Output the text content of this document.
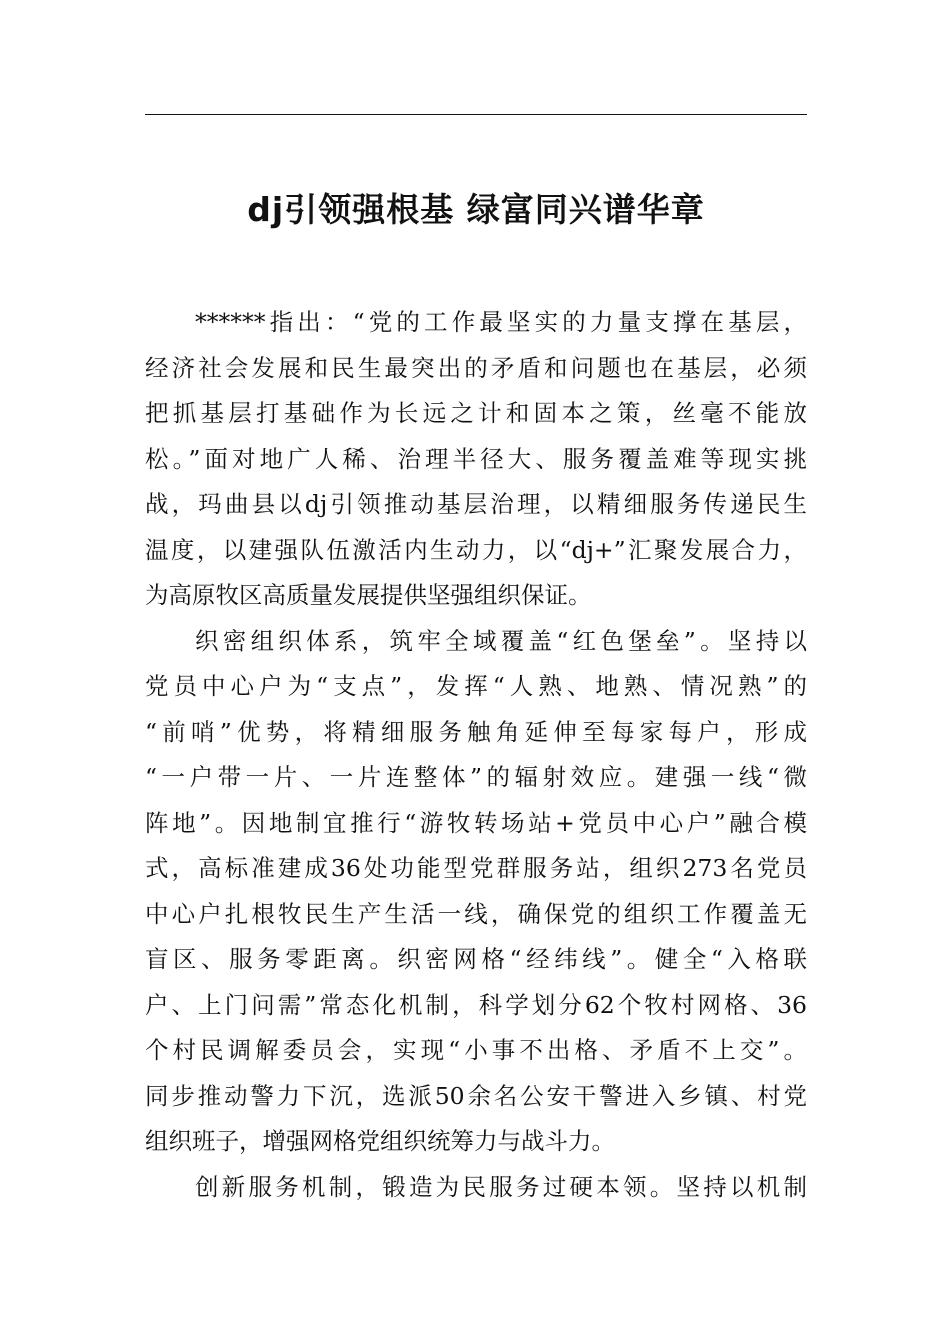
dj引领强根基 绿富同兴谱华章
******指出：“党的工作最坚实的力量支撑在基层，
经济社会发展和民生最突出的矛盾和问题也在基层，必须
把抓基层打基础作为长远之计和固本之策，丝毫不能放
松。”面对地广人稀、治理半径大、服务覆盖难等现实挑
战，玛曲县以dj引领推动基层治理，以精细服务传递民生
温度，以建强队伍激活内生动力，以“dj+”汇聚发展合力，
为高原牧区高质量发展提供坚强组织保证。
织密组织体系，筑牢全域覆盖“红色堡垒”。坚持以
党员中心户为“支点”，发挥“人熟、地熟、情况熟”的
“前哨”优势，将精细服务触角延伸至每家每户，形成
“一户带一片、一片连整体”的辐射效应。建强一线“微
阵地”。因地制宜推行“游牧转场站+党员中心户”融合模
式，高标准建成36处功能型党群服务站，组织273名党员
中心户扎根牧民生产生活一线，确保党的组织工作覆盖无
盲区、服务零距离。织密网格“经纬线”。健全“入格联
户、上门问需”常态化机制，科学划分62个牧村网格、36
个村民调解委员会，实现“小事不出格、矛盾不上交”。
同步推动警力下沉，选派50余名公安干警进入乡镇、村党
组织班子，增强网格党组织统筹力与战斗力。
创新服务机制，锻造为民服务过硬本领。坚持以机制
